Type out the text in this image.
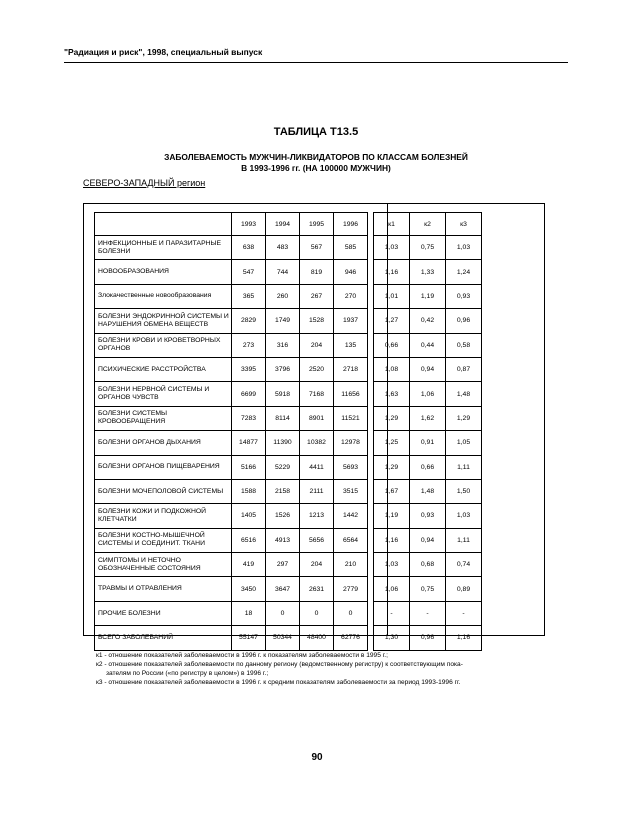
"Радиация и риск", 1998, специальный выпуск
ТАБЛИЦА Т13.5
ЗАБОЛЕВАЕМОСТЬ МУЖЧИН-ЛИКВИДАТОРОВ ПО КЛАССАМ БОЛЕЗНЕЙ
В 1993-1996 гг. (НА 100000 МУЖЧИН)
СЕВЕРО-ЗАПАДНЫЙ регион
	1993	1994	1995	1996		к1	к2	к3
ИНФЕКЦИОННЫЕ И ПАРАЗИТАРНЫЕ БОЛЕЗНИ	638	483	567	585		1,03	0,75	1,03
НОВООБРАЗОВАНИЯ	547	744	819	946		1,16	1,33	1,24
Злокачественные новообразования	365	260	267	270		1,01	1,19	0,93
БОЛЕЗНИ ЭНДОКРИННОЙ СИСТЕМЫ И НАРУШЕНИЯ ОБМЕНА ВЕЩЕСТВ	2829	1749	1528	1937		1,27	0,42	0,96
БОЛЕЗНИ КРОВИ И КРОВЕТВОРНЫХ ОРГАНОВ	273	316	204	135		0,66	0,44	0,58
ПСИХИЧЕСКИЕ РАССТРОЙСТВА	3395	3796	2520	2718		1,08	0,94	0,87
БОЛЕЗНИ НЕРВНОЙ СИСТЕМЫ И ОРГАНОВ ЧУВСТВ	6699	5918	7168	11656		1,63	1,06	1,48
БОЛЕЗНИ СИСТЕМЫ КРОВООБРАЩЕНИЯ	7283	8114	8901	11521		1,29	1,62	1,29
БОЛЕЗНИ ОРГАНОВ ДЫХАНИЯ	14877	11390	10382	12978		1,25	0,91	1,05
БОЛЕЗНИ ОРГАНОВ ПИЩЕВАРЕНИЯ	5166	5229	4411	5693		1,29	0,66	1,11
БОЛЕЗНИ МОЧЕПОЛОВОЙ СИСТЕМЫ	1588	2158	2111	3515		1,67	1,48	1,50
БОЛЕЗНИ КОЖИ И ПОДКОЖНОЙ КЛЕТЧАТКИ	1405	1526	1213	1442		1,19	0,93	1,03
БОЛЕЗНИ КОСТНО-МЫШЕЧНОЙ СИСТЕМЫ И СОЕДИНИТ. ТКАНИ	6516	4913	5656	6564		1,16	0,94	1,11
СИМПТОМЫ И НЕТОЧНО ОБОЗНАЧЕННЫЕ СОСТОЯНИЯ	419	297	204	210		1,03	0,68	0,74
ТРАВМЫ И ОТРАВЛЕНИЯ	3450	3647	2631	2779		1,06	0,75	0,89
ПРОЧИЕ БОЛЕЗНИ	18	0	0	0		-	-	-
ВСЕГО ЗАБОЛЕВАНИЙ	55147	50344	48400	62776		1,30	0,96	1,16
к1 - отношение показателей заболеваемости в 1996 г. к показателям заболеваемости в 1995 г.;
к2 - отношение показателей заболеваемости по данному региону (ведомственному регистру) к соответствующим пока-
зателям по России («по регистру в целом») в 1996 г.;
к3 - отношение показателей заболеваемости в 1996 г. к средним показателям заболеваемости за период 1993-1996 гг.
90
